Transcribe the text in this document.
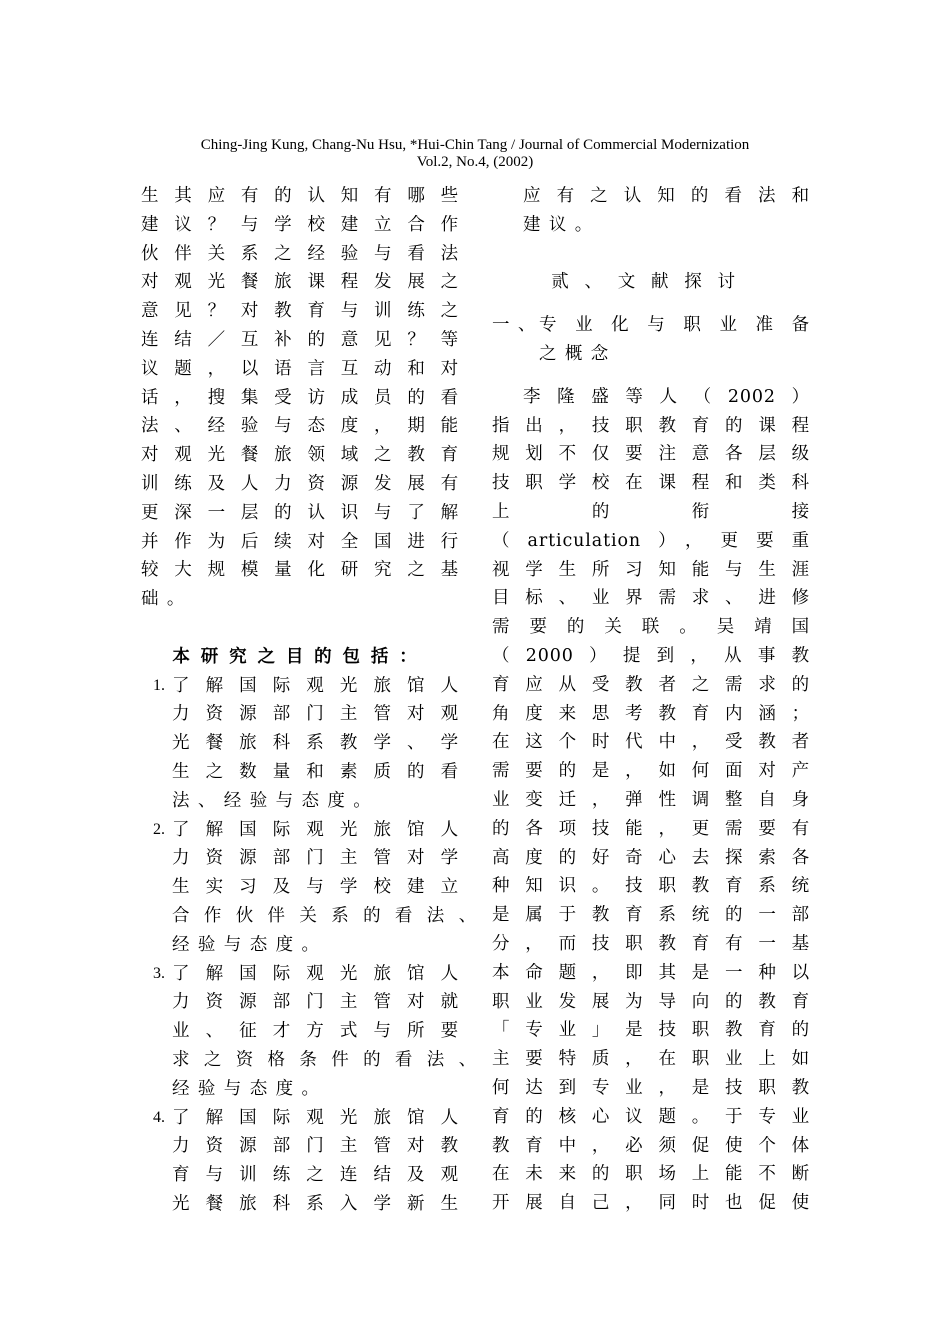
Ching-Jing Kung, Chang-Nu Hsu, *Hui-Chin Tang / Journal of Commercial Modernization
Vol.2, No.4, (2002)
生其应有的认知有哪些
建议？与学校建立合作
伙伴关系之经验与看法
对观光餐旅课程发展之
意见？对教育与训练之
连结／互补的意见？等
议题，以语言互动和对
话，搜集受访成员的看
法、经验与态度，期能
对观光餐旅领域之教育
训练及人力资源发展有
更深一层的认识与了解
并作为后续对全国进行
较大规模量化研究之基
础。
本研究之目的包括：
1. 了解国际观光旅馆人
力资源部门主管对观
光餐旅科系教学、学
生之数量和素质的看
法、经验与态度。
2. 了解国际观光旅馆人
力资源部门主管对学
生实习及与学校建立
合作伙伴关系的看法、
经验与态度。
3. 了解国际观光旅馆人
力资源部门主管对就
业、征才方式与所要
求之资格条件的看法、
经验与态度。
4. 了解国际观光旅馆人
力资源部门主管对教
育与训练之连结及观
光餐旅科系入学新生
应有之认知的看法和
建议。
贰、文献探讨
一、
专业化与职业准备
之概念
李隆盛等人（2002）
指出，技职教育的课程
规划不仅要注意各层级
技职学校在课程和类科
上的衔接
（articulation），更要重
视学生所习知能与生涯
目标、业界需求、进修
需要的关联。吴靖国
（2000）提到，从事教
育应从受教者之需求的
角度来思考教育内涵；
在这个时代中，受教者
需要的是，如何面对产
业变迁，弹性调整自身
的各项技能，更需要有
高度的好奇心去探索各
种知识。技职教育系统
是属于教育系统的一部
分，而技职教育有一基
本命题，即其是一种以
职业发展为导向的教育
「专业」是技职教育的
主要特质，在职业上如
何达到专业，是技职教
育的核心议题。于专业
教育中，必须促使个体
在未来的职场上能不断
开展自己，同时也促使
